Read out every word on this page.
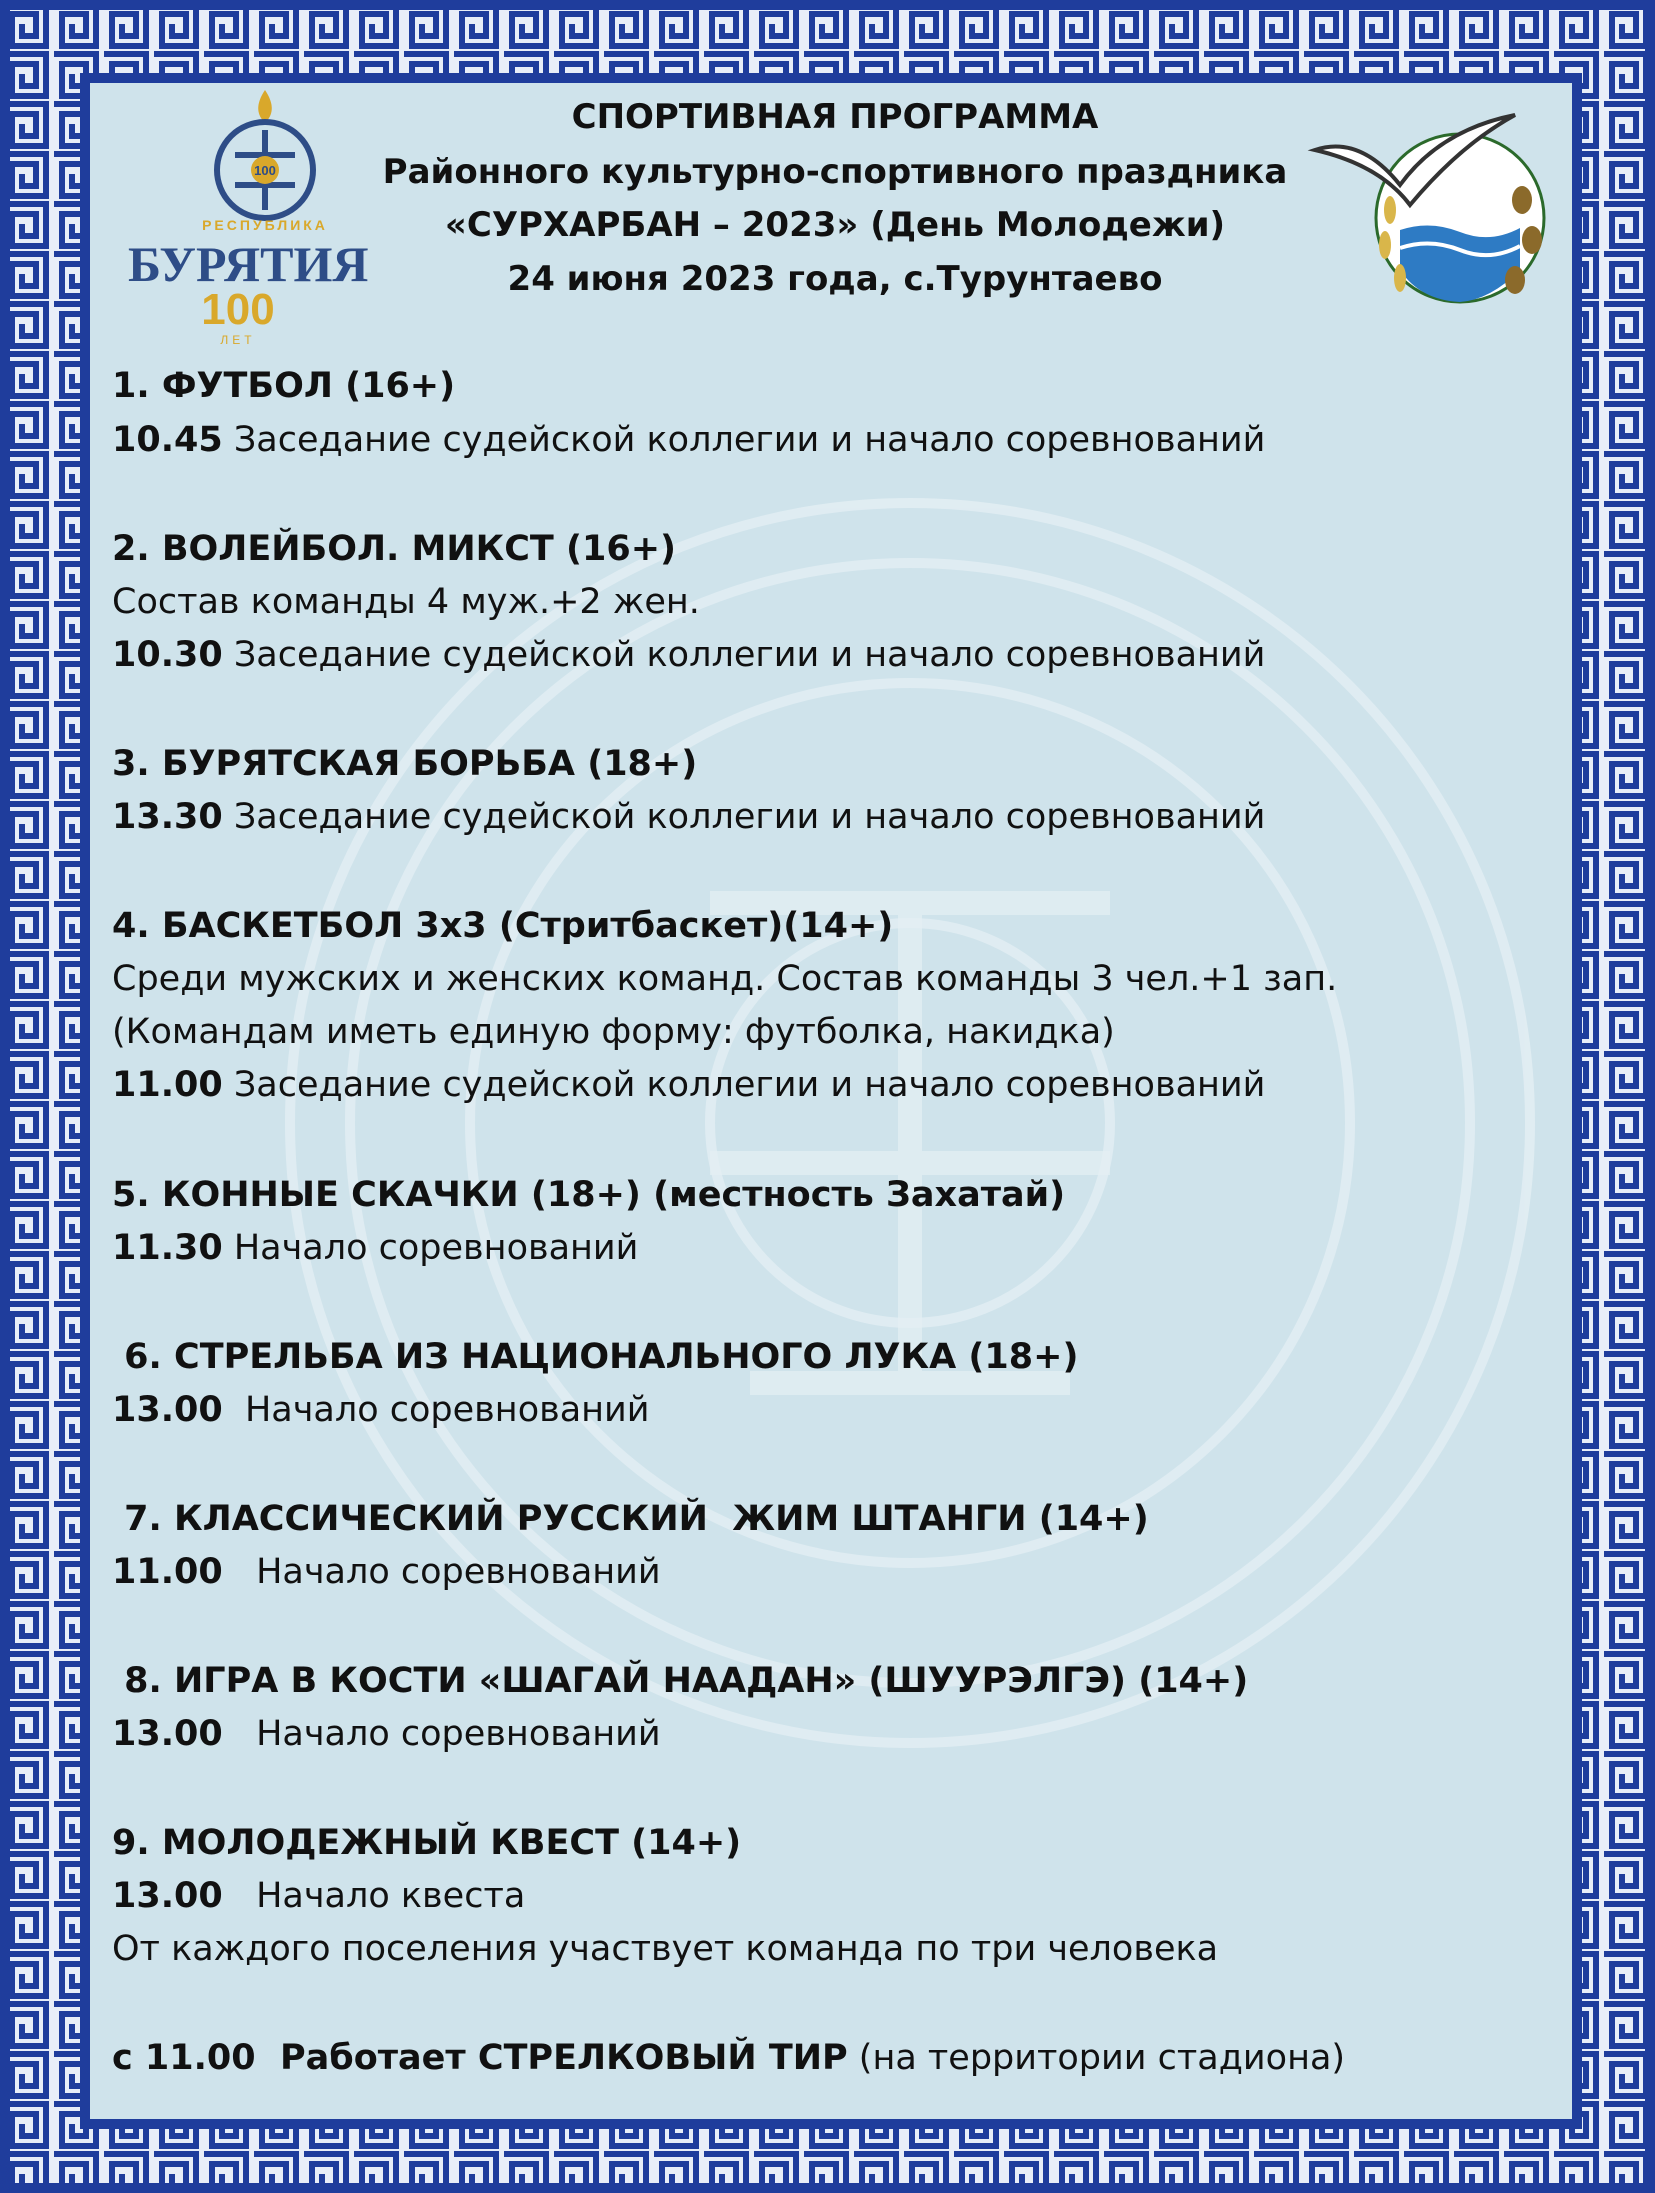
100
РЕСПУБЛИКА
БУРЯТИЯ
100
ЛЕТ
СПОРТИВНАЯ ПРОГРАММА
Районного культурно-спортивного праздника
«СУРХАРБАН – 2023» (День Молодежи)
24 июня 2023 года, с.Турунтаево
1. ФУТБОЛ (16+)
10.45 Заседание судейской коллегии и начало соревнований
2. ВОЛЕЙБОЛ. МИКСТ (16+)
Состав команды 4 муж.+2 жен.
10.30 Заседание судейской коллегии и начало соревнований
3. БУРЯТСКАЯ БОРЬБА (18+)
13.30 Заседание судейской коллегии и начало соревнований
4. БАСКЕТБОЛ 3х3 (Стритбаскет)(14+)
Среди мужских и женских команд. Состав команды 3 чел.+1 зап.
(Командам иметь единую форму: футболка, накидка)
11.00 Заседание судейской коллегии и начало соревнований
5. КОННЫЕ СКАЧКИ (18+) (местность Захатай)
11.30 Начало соревнований
6. СТРЕЛЬБА ИЗ НАЦИОНАЛЬНОГО ЛУКА (18+)
13.00  Начало соревнований
7. КЛАССИЧЕСКИЙ РУССКИЙ  ЖИМ ШТАНГИ (14+)
11.00   Начало соревнований
8. ИГРА В КОСТИ «ШАГАЙ НААДАН» (ШУУРЭЛГЭ) (14+)
13.00   Начало соревнований
9. МОЛОДЕЖНЫЙ КВЕСТ (14+)
13.00   Начало квеста
От каждого поселения участвует команда по три человека
с 11.00  Работает СТРЕЛКОВЫЙ ТИР (на территории стадиона)
